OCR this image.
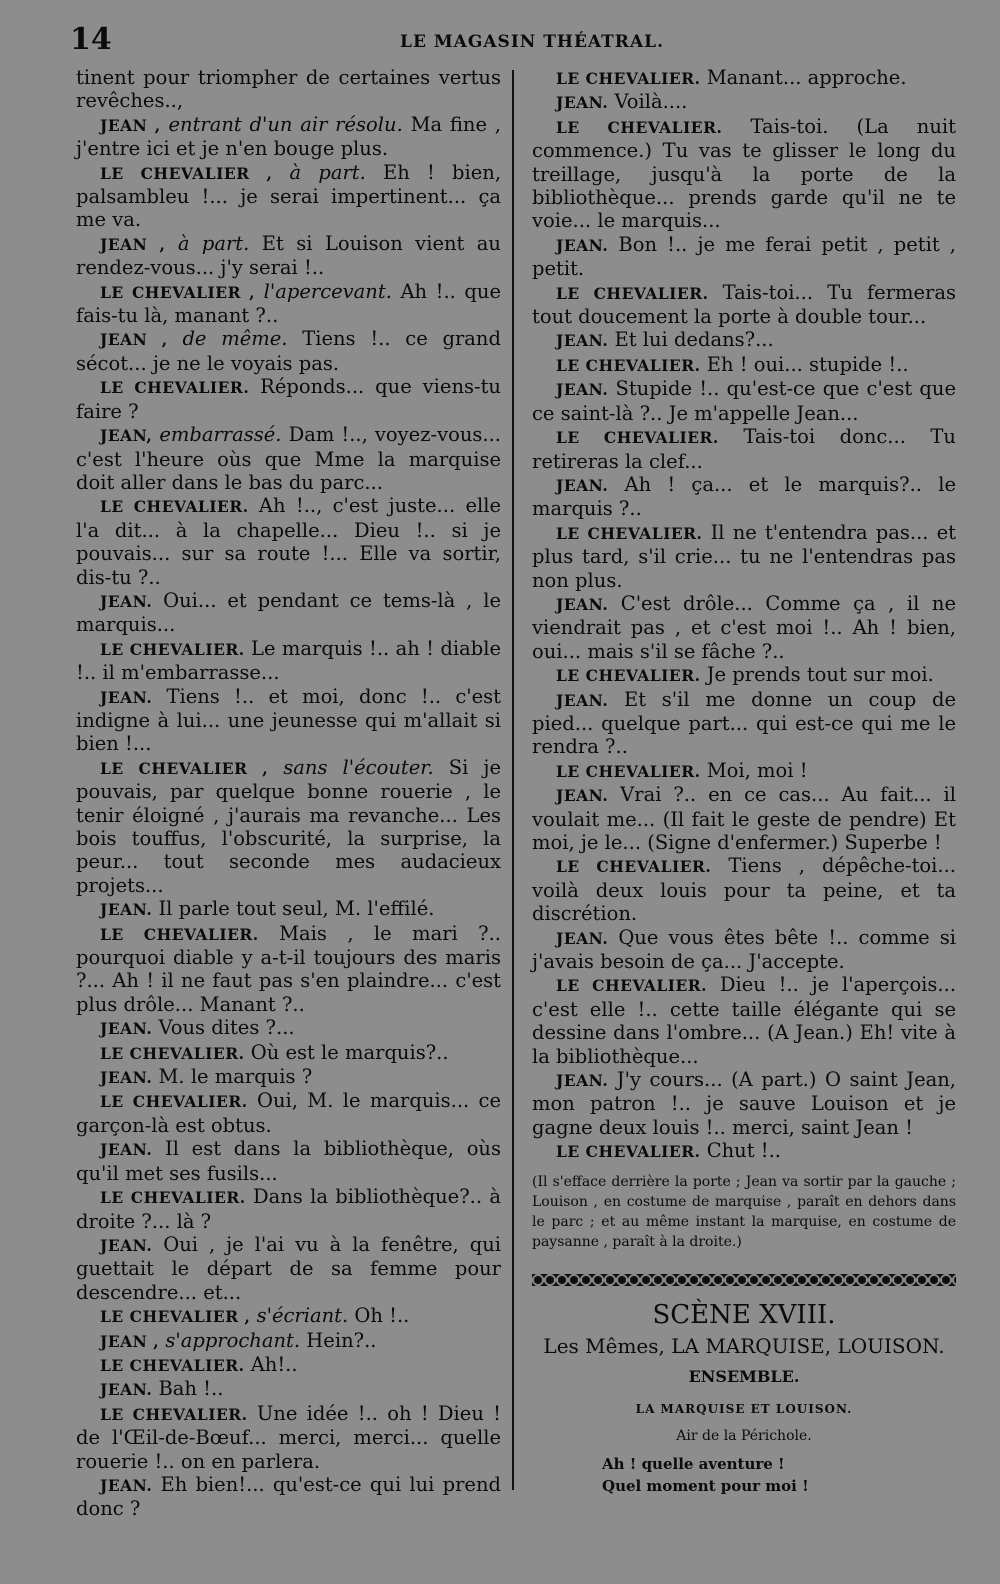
14	LE MAGASIN THÉATRAL.

tinent pour triompher de certaines vertus revêches..,

JEAN , entrant d'un air résolu. Ma fine , j'entre ici et je n'en bouge plus.

LE CHEVALIER , à part. Eh ! bien, palsambleu !... je serai impertinent... ça me va.

JEAN , à part. Et si Louison vient au rendez-vous... j'y serai !..

LE CHEVALIER , l'apercevant. Ah !.. que fais-tu là, manant ?..

JEAN , de même. Tiens !.. ce grand sécot... je ne le voyais pas.

LE CHEVALIER. Réponds... que viens-tu faire ?

JEAN, embarrassé. Dam !.., voyez-vous... c'est l'heure oùs que Mme la marquise doit aller dans le bas du parc...

LE CHEVALIER. Ah !.., c'est juste... elle l'a dit... à la chapelle... Dieu !.. si je pouvais... sur sa route !... Elle va sortir, dis-tu ?..

JEAN. Oui... et pendant ce tems-là , le marquis...

LE CHEVALIER. Le marquis !.. ah ! diable !.. il m'embarrasse...

JEAN. Tiens !.. et moi, donc !.. c'est indigne à lui... une jeunesse qui m'allait si bien !...

LE CHEVALIER , sans l'écouter. Si je pouvais, par quelque bonne rouerie , le tenir éloigné , j'aurais ma revanche... Les bois touffus, l'obscurité, la surprise, la peur... tout seconde mes audacieux projets...

JEAN. Il parle tout seul, M. l'effilé.

LE CHEVALIER. Mais , le mari ?.. pourquoi diable y a-t-il toujours des maris ?... Ah ! il ne faut pas s'en plaindre... c'est plus drôle... Manant ?..

JEAN. Vous dites ?...

LE CHEVALIER. Où est le marquis?..

JEAN. M. le marquis ?

LE CHEVALIER. Oui, M. le marquis... ce garçon-là est obtus.

JEAN. Il est dans la bibliothèque, oùs qu'il met ses fusils...

LE CHEVALIER. Dans la bibliothèque?.. à droite ?... là ?

JEAN. Oui , je l'ai vu à la fenêtre, qui guettait le départ de sa femme pour descendre... et...

LE CHEVALIER , s'écriant. Oh !..

JEAN , s'approchant. Hein?..

LE CHEVALIER. Ah!..

JEAN. Bah !..

LE CHEVALIER. Une idée !.. oh ! Dieu ! de l'Œil-de-Bœuf... merci, merci... quelle rouerie !.. on en parlera.

JEAN. Eh bien!... qu'est-ce qui lui prend donc ?

LE CHEVALIER. Manant... approche.

JEAN. Voilà....

LE CHEVALIER. Tais-toi. (La nuit commence.) Tu vas te glisser le long du treillage, jusqu'à la porte de la bibliothèque... prends garde qu'il ne te voie... le marquis...

JEAN. Bon !.. je me ferai petit , petit , petit.

LE CHEVALIER. Tais-toi... Tu fermeras tout doucement la porte à double tour...

JEAN. Et lui dedans?...

LE CHEVALIER. Eh ! oui... stupide !..

JEAN. Stupide !.. qu'est-ce que c'est que ce saint-là ?.. Je m'appelle Jean...

LE CHEVALIER. Tais-toi donc... Tu retireras la clef...

JEAN. Ah ! ça... et le marquis?.. le marquis ?..

LE CHEVALIER. Il ne t'entendra pas... et plus tard, s'il crie... tu ne l'entendras pas non plus.

JEAN. C'est drôle... Comme ça , il ne viendrait pas , et c'est moi !.. Ah ! bien, oui... mais s'il se fâche ?..

LE CHEVALIER. Je prends tout sur moi.

JEAN. Et s'il me donne un coup de pied... quelque part... qui est-ce qui me le rendra ?..

LE CHEVALIER. Moi, moi !

JEAN. Vrai ?.. en ce cas... Au fait... il voulait me... (Il fait le geste de pendre) Et moi, je le... (Signe d'enfermer.) Superbe !

LE CHEVALIER. Tiens , dépêche-toi... voilà deux louis pour ta peine, et ta discrétion.

JEAN. Que vous êtes bête !.. comme si j'avais besoin de ça... J'accepte.

LE CHEVALIER. Dieu !.. je l'aperçois... c'est elle !.. cette taille élégante qui se dessine dans l'ombre... (A Jean.) Eh! vite à la bibliothèque...

JEAN. J'y cours... (A part.) O saint Jean, mon patron !.. je sauve Louison et je gagne deux louis !.. merci, saint Jean !

LE CHEVALIER. Chut !..

(Il s'efface derrière la porte ; Jean va sortir par la gauche ; Louison , en costume de marquise , paraît en dehors dans le parc ; et au même instant la marquise, en costume de paysanne , paraît à la droite.)

SCÈNE XVIII.
Les Mêmes, LA MARQUISE, LOUISON.
ENSEMBLE.
LA MARQUISE ET LOUISON.
Air de la Périchole.
Ah ! quelle aventure !
Quel moment pour moi !
